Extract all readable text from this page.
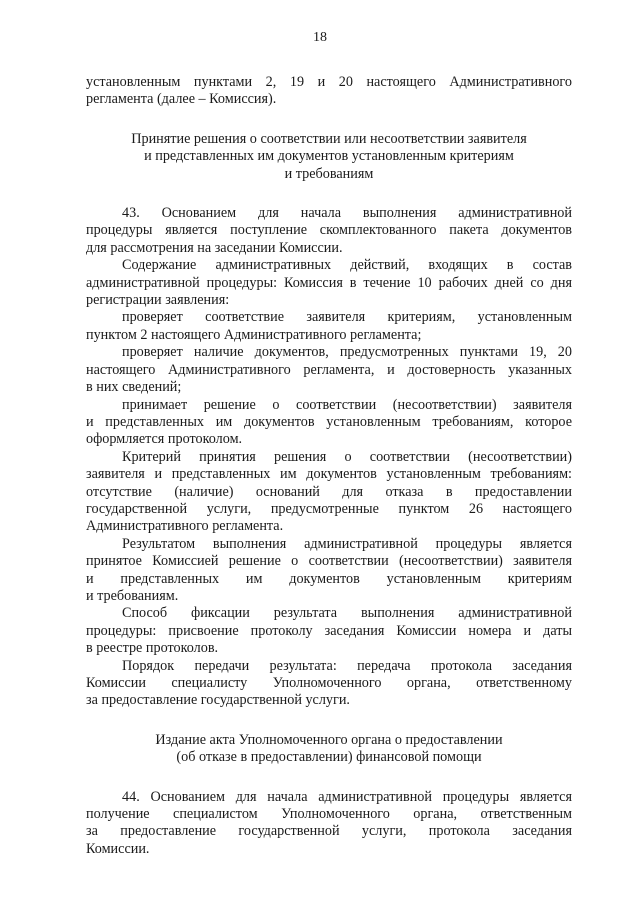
18
установленным пунктами 2, 19 и 20 настоящего Административного
регламента (далее – Комиссия).
Принятие решения о соответствии или несоответствии заявителя
и представленных им документов установленным критериям
и требованиям
43. Основанием для начала выполнения административной
процедуры является поступление скомплектованного пакета документов
для рассмотрения на заседании Комиссии.
Содержание административных действий, входящих в состав
административной процедуры: Комиссия в течение 10 рабочих дней со дня
регистрации заявления:
проверяет соответствие заявителя критериям, установленным
пунктом 2 настоящего Административного регламента;
проверяет наличие документов, предусмотренных пунктами 19, 20
настоящего Административного регламента, и достоверность указанных
в них сведений;
принимает решение о соответствии (несоответствии) заявителя
и представленных им документов установленным требованиям, которое
оформляется протоколом.
Критерий принятия решения о соответствии (несоответствии)
заявителя и представленных им документов установленным требованиям:
отсутствие (наличие) оснований для отказа в предоставлении
государственной услуги, предусмотренные пунктом 26 настоящего
Административного регламента.
Результатом выполнения административной процедуры является
принятое Комиссией решение о соответствии (несоответствии) заявителя
и представленных им документов установленным критериям
и требованиям.
Способ фиксации результата выполнения административной
процедуры: присвоение протоколу заседания Комиссии номера и даты
в реестре протоколов.
Порядок передачи результата: передача протокола заседания
Комиссии специалисту Уполномоченного органа, ответственному
за предоставление государственной услуги.
Издание акта Уполномоченного органа о предоставлении
(об отказе в предоставлении) финансовой помощи
44. Основанием для начала административной процедуры является
получение специалистом Уполномоченного органа, ответственным
за предоставление государственной услуги, протокола заседания
Комиссии.
